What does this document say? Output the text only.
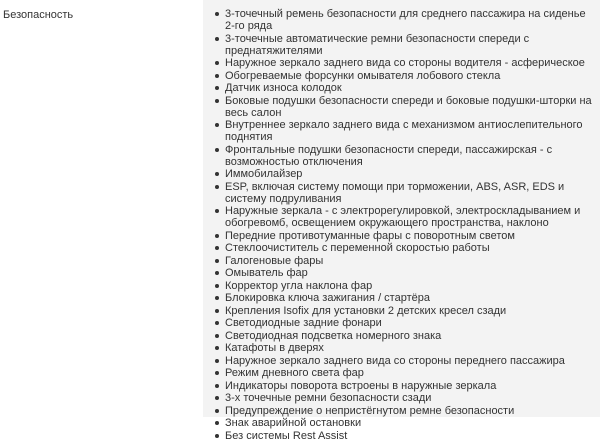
Безопасность	3-точечный ремень безопасности для среднего пассажира на сиденье 2-го ряда
3-точечные автоматические ремни безопасности спереди с преднатяжителями
Наружное зеркало заднего вида со стороны водителя - асферическое
Обогреваемые форсунки омывателя лобового стекла
Датчик износа колодок
Боковые подушки безопасности спереди и боковые подушки-шторки на весь салон
Внутреннее зеркало заднего вида с механизмом антиослепительного поднятия
Фронтальные подушки безопасности спереди, пассажирская - с возможностью отключения
Иммобилайзер
ESP, включая систему помощи при торможении, ABS, ASR, EDS и систему подруливания
Наружные зеркала - с электрорегулировкой, электроскладыванием и обогревомб, освещением окружающего пространства, наклоно
Передние противотуманные фары с поворотным светом
Стеклоочиститель с переменной скоростью работы
Галогеновые фары
Омыватель фар
Корректор угла наклона фар
Блокировка ключа зажигания / стартёра
Крепления Isofix для установки 2 детских кресел сзади
Светодиодные задние фонари
Светодиодная подсветка номерного знака
Катафоты в дверях
Наружное зеркало заднего вида со стороны переднего пассажира
Режим дневного света фар
Индикаторы поворота встроены в наружные зеркала
3-х точечные ремни безопасности сзади
Предупреждение о непристёгнутом ремне безопасности
Знак аварийной остановки
Без системы Rest Assist
